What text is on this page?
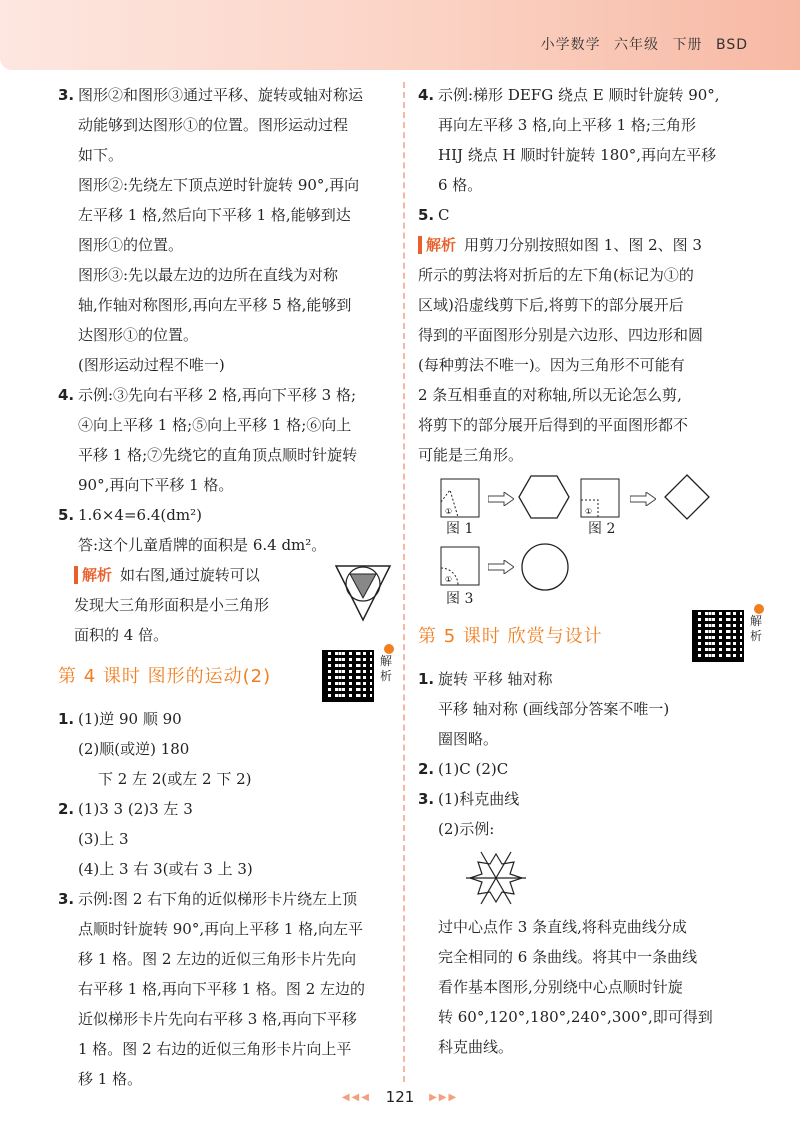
小学数学 六年级 下册 BSD
3. 图形②和图形③通过平移、旋转或轴对称运

动能够到达图形①的位置。图形运动过程

如下。

图形②:先绕左下顶点逆时针旋转 90°,再向

左平移 1 格,然后向下平移 1 格,能够到达

图形①的位置。

图形③:先以最左边的边所在直线为对称

轴,作轴对称图形,再向左平移 5 格,能够到

达图形①的位置。

(图形运动过程不唯一)

4. 示例:③先向右平移 2 格,再向下平移 3 格;

④向上平移 1 格;⑤向上平移 1 格;⑥向上

平移 1 格;⑦先绕它的直角顶点顺时针旋转

90°,再向下平移 1 格。

5. 1.6×4=6.4(dm²)

答:这个儿童盾牌的面积是 6.4 dm²。

解析 如右图,通过旋转可以

发现大三角形面积是小三角形

面积的 4 倍。

第 4 课时 图形的运动(2)
解析
1. (1)逆 90 顺 90

(2)顺(或逆) 180

下 2 左 2(或左 2 下 2)

2. (1)3 3 (2)3 左 3

(3)上 3

(4)上 3 右 3(或右 3 上 3)

3. 示例:图 2 右下角的近似梯形卡片绕左上顶

点顺时针旋转 90°,再向上平移 1 格,向左平

移 1 格。图 2 左边的近似三角形卡片先向

右平移 1 格,再向下平移 1 格。图 2 左边的

近似梯形卡片先向右平移 3 格,再向下平移

1 格。图 2 右边的近似三角形卡片向上平

移 1 格。

4. 示例:梯形 DEFG 绕点 E 顺时针旋转 90°,

再向左平移 3 格,向上平移 1 格;三角形

HIJ 绕点 H 顺时针旋转 180°,再向左平移

6 格。

5. C

解析 用剪刀分别按照如图 1、图 2、图 3

所示的剪法将对折后的左下角(标记为①的

区域)沿虚线剪下后,将剪下的部分展开后

得到的平面图形分别是六边形、四边形和圆

(每种剪法不唯一)。因为三角形不可能有

2 条互相垂直的对称轴,所以无论怎么剪,

将剪下的部分展开后得到的平面图形都不

可能是三角形。

①	①
图 1	图 2
①
图 3
第 5 课时 欣赏与设计
解析
1. 旋转 平移 轴对称

平移 轴对称 (画线部分答案不唯一)

圈图略。

2. (1)C (2)C

3. (1)科克曲线

(2)示例:

过中心点作 3 条直线,将科克曲线分成

完全相同的 6 条曲线。将其中一条曲线

看作基本图形,分别绕中心点顺时针旋

转 60°,120°,180°,240°,300°,即可得到

科克曲线。

◀◀◀ 121 ▶▶▶
